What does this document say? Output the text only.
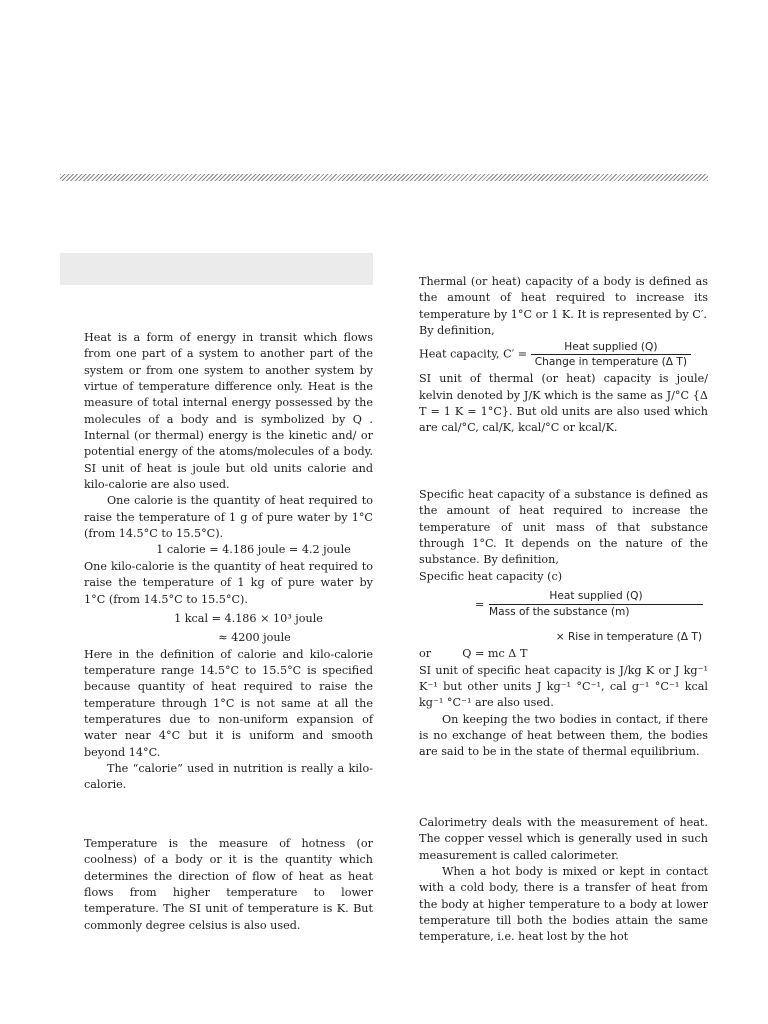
Heat is a form of energy in transit which flows from one part of a system to another part of the system or from one system to another system by virtue of temperature difference only. Heat is the measure of total internal energy possessed by the molecules of a body and is symbolized by Q . Internal (or thermal) energy is the kinetic and/ or potential energy of the atoms/molecules of a body. SI unit of heat is joule but old units calorie and kilo-calorie are also used.

One calorie is the quantity of heat required to raise the temperature of 1 g of pure water by 1°C (from 14.5°C to 15.5°C).

1 calorie = 4.186 joule = 4.2 joule

One kilo-calorie is the quantity of heat required to raise the temperature of 1 kg of pure water by 1°C (from 14.5°C to 15.5°C).

1 kcal = 4.186 × 10³ joule

≈ 4200 joule

Here in the definition of calorie and kilo-calorie temperature range 14.5°C to 15.5°C is specified because quantity of heat required to raise the temperature through 1°C is not same at all the temperatures due to non-uniform expansion of water near 4°C but it is uniform and smooth beyond 14°C.

The “calorie” used in nutrition is really a kilo-calorie.

Temperature is the measure of hotness (or coolness) of a body or it is the quantity which determines the direction of flow of heat as heat flows from higher temperature to lower temperature. The SI unit of temperature is K. But commonly degree celsius is also used.

Thermal (or heat) capacity of a body is defined as the amount of heat required to increase its temperature by 1°C or 1 K. It is represented by C′.

By definition,

Heat capacity, $C' = \frac{\text{Heat supplied (Q)}}{\text{Change in temperature (Δ T)}}$

SI unit of thermal (or heat) capacity is joule/ kelvin denoted by J/K which is the same as J/°C {Δ T = 1 K = 1°C}. But old units are also used which are cal/°C, cal/K, kcal/°C or kcal/K.

Specific heat capacity of a substance is defined as the amount of heat required to increase the temperature of unit mass of that substance through 1°C. It depends on the nature of the substance. By definition,

Specific heat capacity (c)

=
Heat supplied (Q)
Mass of the substance (m)

× Rise in temperature (Δ T)

or	Q = mc Δ T

SI unit of specific heat capacity is J/kg K or J kg⁻¹ K⁻¹ but other units J kg⁻¹ °C⁻¹, cal g⁻¹ °C⁻¹ kcal kg⁻¹ °C⁻¹ are also used.

On keeping the two bodies in contact, if there is no exchange of heat between them, the bodies are said to be in the state of thermal equilibrium.

Calorimetry deals with the measurement of heat. The copper vessel which is generally used in such measurement is called calorimeter.

When a hot body is mixed or kept in contact with a cold body, there is a transfer of heat from the body at higher temperature to a body at lower temperature till both the bodies attain the same temperature, i.e. heat lost by the hot
